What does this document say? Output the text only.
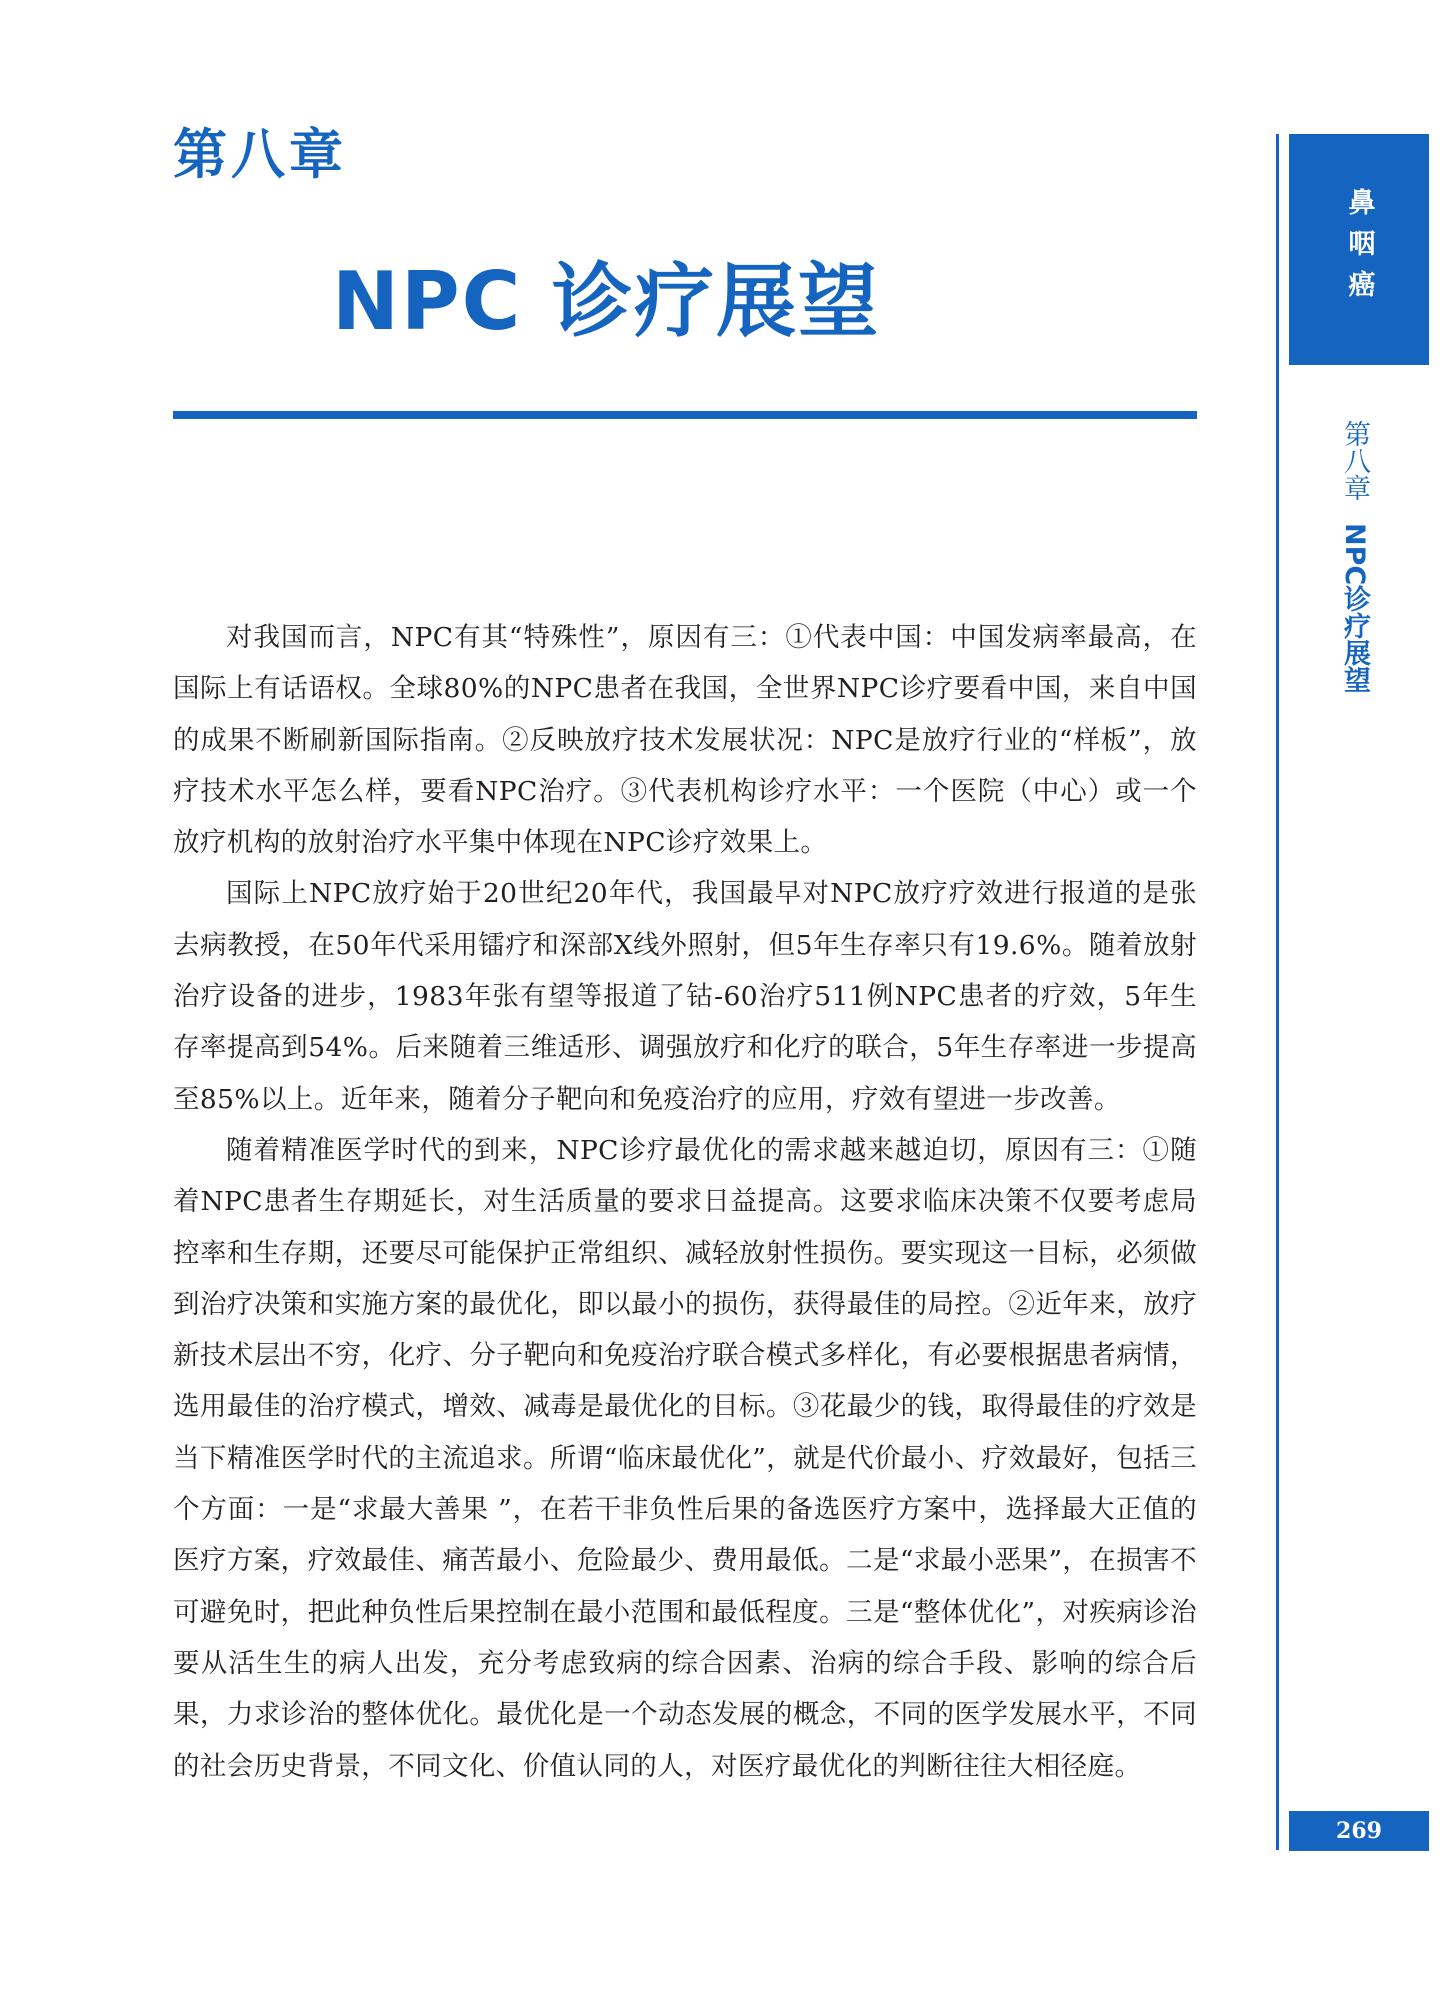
第八章
NPC 诊疗展望

对我国而言，NPC有其“特殊性”，原因有三：①代表中国：中国发病率最高，在国际上有话语权。全球80%的NPC患者在我国，全世界NPC诊疗要看中国，来自中国的成果不断刷新国际指南。②反映放疗技术发展状况：NPC是放疗行业的“样板”，放疗技术水平怎么样，要看NPC治疗。③代表机构诊疗水平：一个医院（中心）或一个放疗机构的放射治疗水平集中体现在NPC诊疗效果上。

国际上NPC放疗始于20世纪20年代，我国最早对NPC放疗疗效进行报道的是张去病教授，在50年代采用镭疗和深部X线外照射，但5年生存率只有19.6%。随着放射治疗设备的进步，1983年张有望等报道了钴-60治疗511例NPC患者的疗效，5年生存率提高到54%。后来随着三维适形、调强放疗和化疗的联合，5年生存率进一步提高至85%以上。近年来，随着分子靶向和免疫治疗的应用，疗效有望进一步改善。

随着精准医学时代的到来，NPC诊疗最优化的需求越来越迫切，原因有三：①随着NPC患者生存期延长，对生活质量的要求日益提高。这要求临床决策不仅要考虑局控率和生存期，还要尽可能保护正常组织、减轻放射性损伤。要实现这一目标，必须做到治疗决策和实施方案的最优化，即以最小的损伤，获得最佳的局控。②近年来，放疗新技术层出不穷，化疗、分子靶向和免疫治疗联合模式多样化，有必要根据患者病情，选用最佳的治疗模式，增效、减毒是最优化的目标。③花最少的钱，取得最佳的疗效是当下精准医学时代的主流追求。所谓“临床最优化”，就是代价最小、疗效最好，包括三个方面：一是“求最大善果 ”，在若干非负性后果的备选医疗方案中，选择最大正值的医疗方案，疗效最佳、痛苦最小、危险最少、费用最低。二是“求最小恶果”，在损害不可避免时，把此种负性后果控制在最小范围和最低程度。三是“整体优化”，对疾病诊治要从活生生的病人出发，充分考虑致病的综合因素、治病的综合手段、影响的综合后果，力求诊治的整体优化。最优化是一个动态发展的概念，不同的医学发展水平，不同的社会历史背景，不同文化、价值认同的人，对医疗最优化的判断往往大相径庭。

鼻咽癌
第八章NPC诊疗展望
269
